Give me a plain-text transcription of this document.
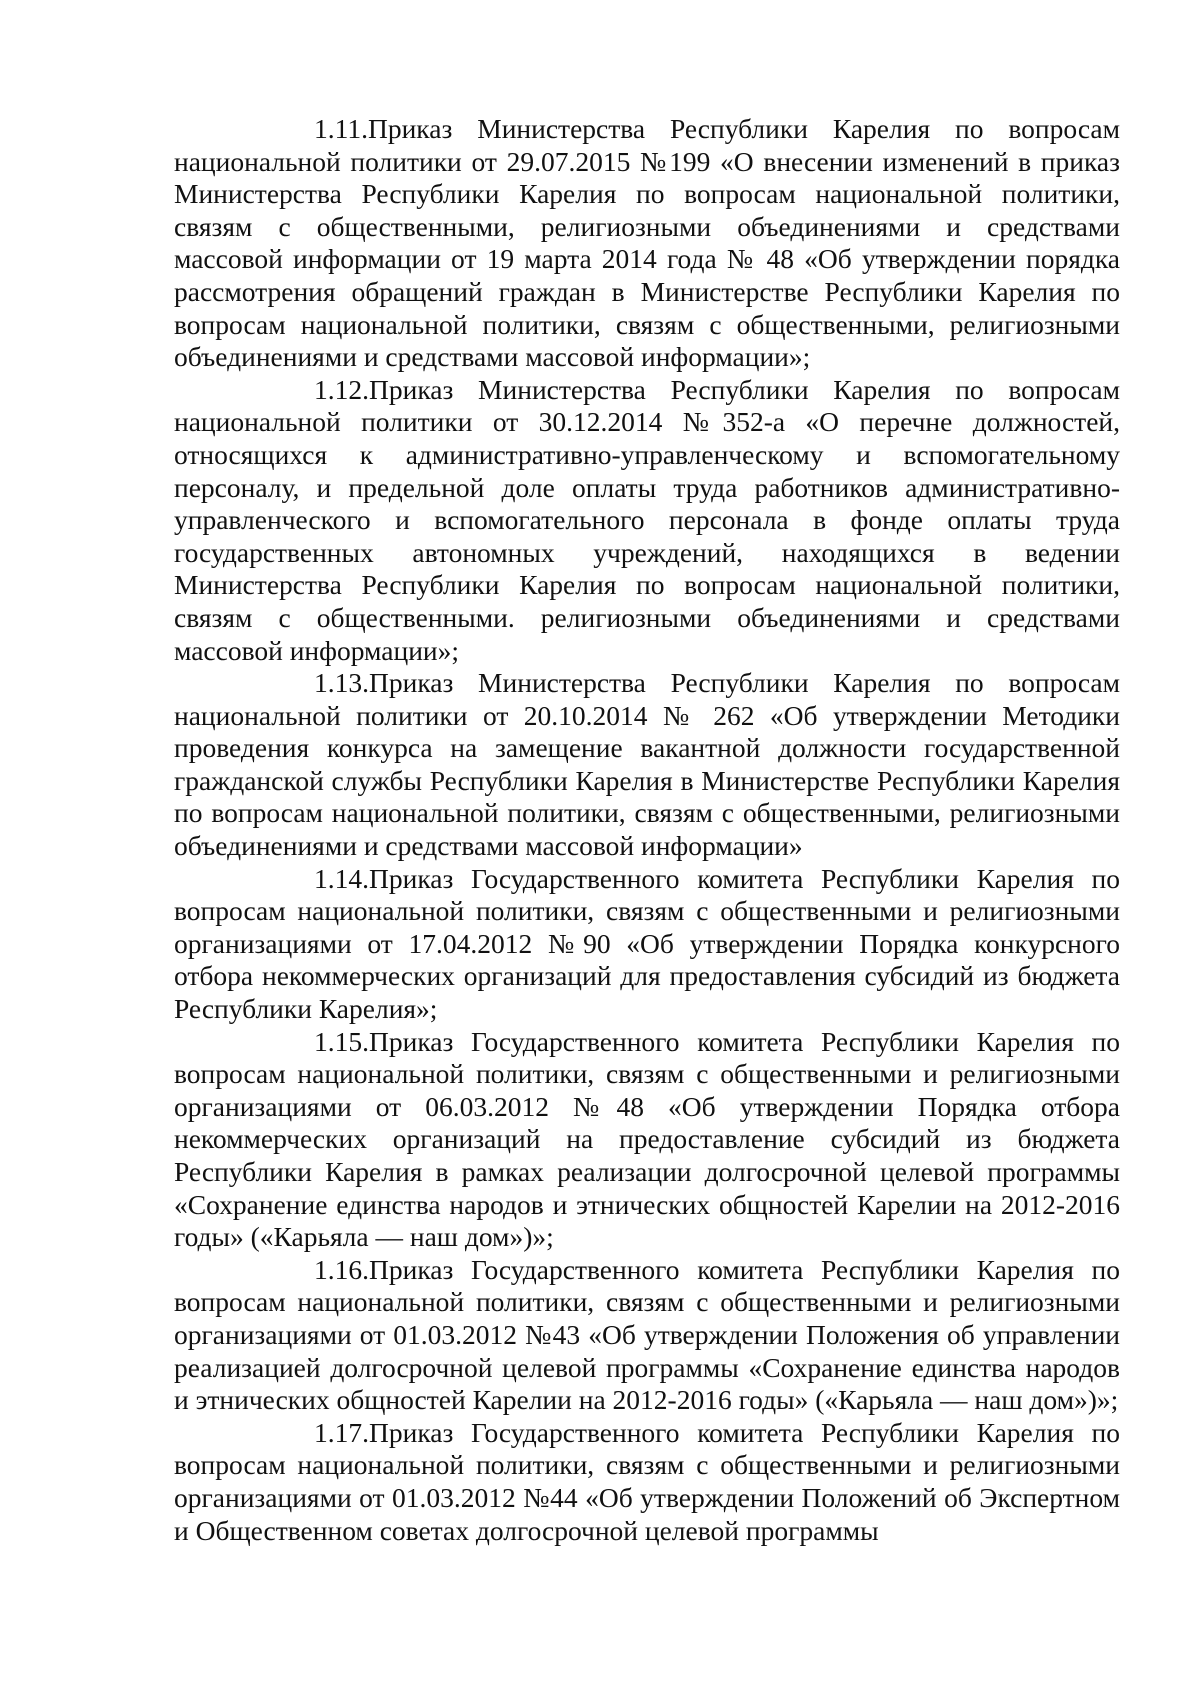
1.11.Приказ Министерства Республики Карелия по вопросам национальной политики от 29.07.2015 №199 «О внесении изменений в приказ Министерства Республики Карелия по вопросам национальной политики, связям с общественными, религиозными объединениями и средствами массовой информации от 19 марта 2014 года № 48 «Об утверждении порядка рассмотрения обращений граждан в Министерстве Республики Карелия по вопросам национальной политики, связям с общественными, религиозными объединениями и средствами массовой информации»;

1.12.Приказ Министерства Республики Карелия по вопросам национальной политики от 30.12.2014 №352-а «О перечне должностей, относящихся к административно-управленческому и вспомогательному персоналу, и предельной доле оплаты труда работников административно-управленческого и вспомогательного персонала в фонде оплаты труда государственных автономных учреждений, находящихся в ведении Министерства Республики Карелия по вопросам национальной политики, связям с общественными. религиозными объединениями и средствами массовой информации»;

1.13.Приказ Министерства Республики Карелия по вопросам национальной политики от 20.10.2014 № 262 «Об утверждении Методики проведения конкурса на замещение вакантной должности государственной гражданской службы Республики Карелия в Министерстве Республики Карелия по вопросам национальной политики, связям с общественными, религиозными объединениями и средствами массовой информации»

1.14.Приказ Государственного комитета Республики Карелия по вопросам национальной политики, связям с общественными и религиозными организациями от 17.04.2012 №90 «Об утверждении Порядка конкурсного отбора некоммерческих организаций для предоставления субсидий из бюджета Республики Карелия»;

1.15.Приказ Государственного комитета Республики Карелия по вопросам национальной политики, связям с общественными и религиозными организациями от 06.03.2012 №48 «Об утверждении Порядка отбора некоммерческих организаций на предоставление субсидий из бюджета Республики Карелия в рамках реализации долгосрочной целевой программы «Сохранение единства народов и этнических общностей Карелии на 2012-2016 годы» («Карьяла — наш дом»)»;

1.16.Приказ Государственного комитета Республики Карелия по вопросам национальной политики, связям с общественными и религиозными организациями от 01.03.2012 №43 «Об утверждении Положения об управлении реализацией долгосрочной целевой программы «Сохранение единства народов и этнических общностей Карелии на 2012-2016 годы» («Карьяла — наш дом»)»;

1.17.Приказ Государственного комитета Республики Карелия по вопросам национальной политики, связям с общественными и религиозными организациями от 01.03.2012 №44 «Об утверждении Положений об Экспертном и Общественном советах долгосрочной целевой программы
